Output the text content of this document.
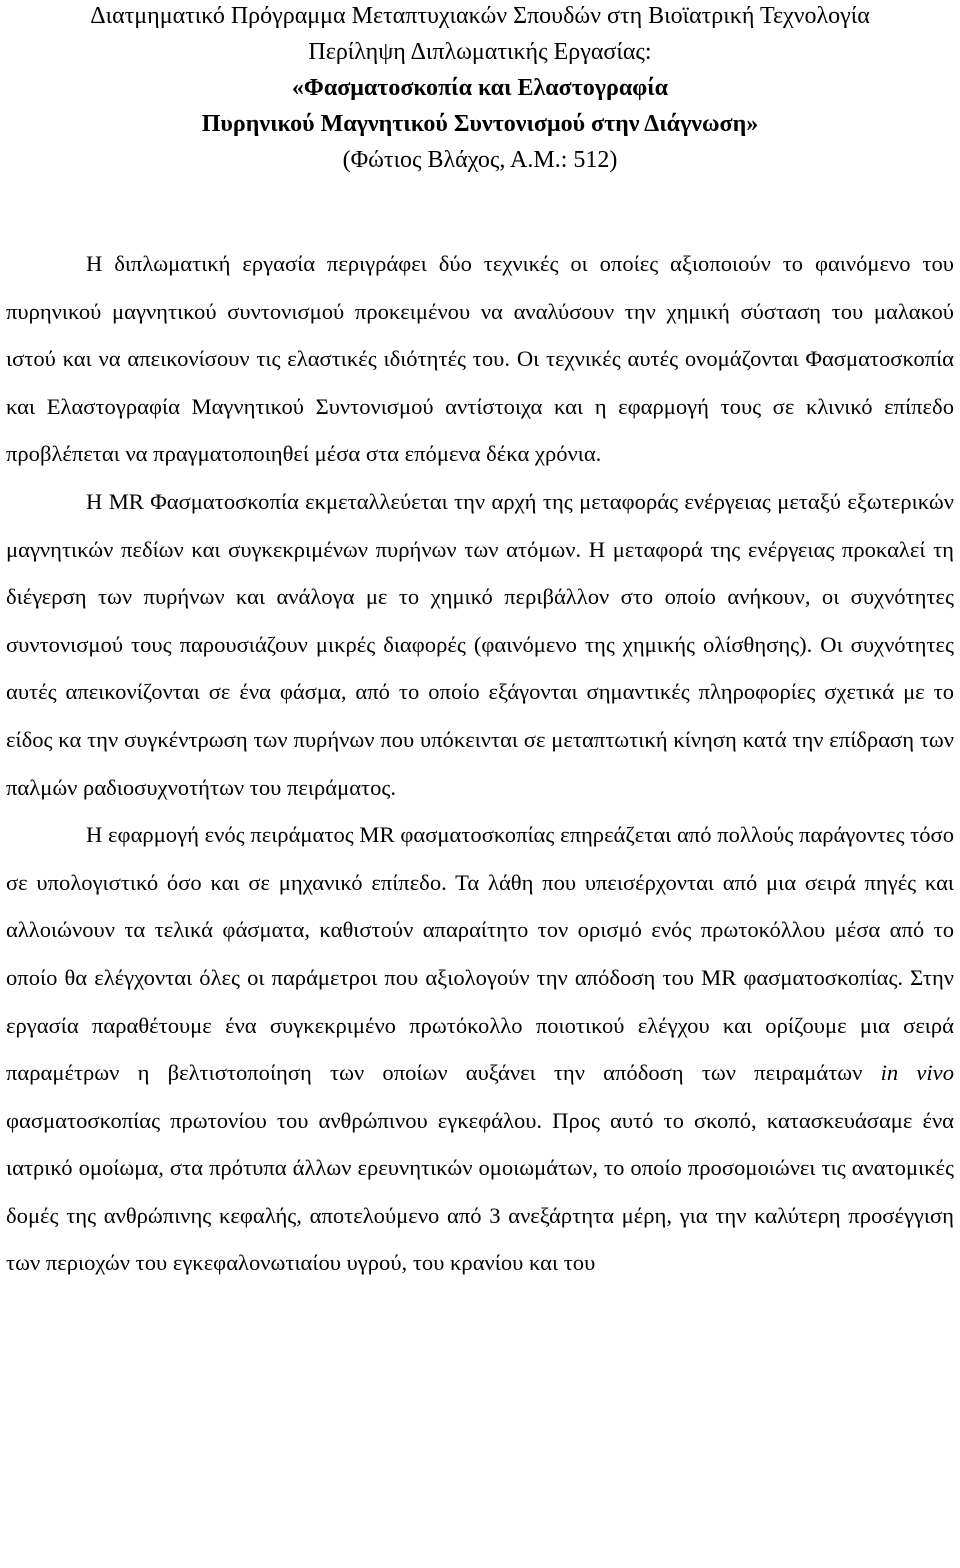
Διατμηματικό Πρόγραμμα Μεταπτυχιακών Σπουδών στη Βιοϊατρική Τεχνολογία
Περίληψη Διπλωματικής Εργασίας:
«Φασματοσκοπία και Ελαστογραφία
Πυρηνικού Μαγνητικού Συντονισμού στην Διάγνωση»
(Φώτιος Βλάχος, Α.Μ.: 512)

Η διπλωματική εργασία περιγράφει δύο τεχνικές οι οποίες αξιοποιούν το φαινόμενο του πυρηνικού μαγνητικού συντονισμού προκειμένου να αναλύσουν την χημική σύσταση του μαλακού ιστού και να απεικονίσουν τις ελαστικές ιδιότητές του. Οι τεχνικές αυτές ονομάζονται Φασματοσκοπία και Ελαστογραφία Μαγνητικού Συντονισμού αντίστοιχα και η εφαρμογή τους σε κλινικό επίπεδο προβλέπεται να πραγματοποιηθεί μέσα στα επόμενα δέκα χρόνια.

Η MR Φασματοσκοπία εκμεταλλεύεται την αρχή της μεταφοράς ενέργειας μεταξύ εξωτερικών μαγνητικών πεδίων και συγκεκριμένων πυρήνων των ατόμων. Η μεταφορά της ενέργειας προκαλεί τη διέγερση των πυρήνων και ανάλογα με το χημικό περιβάλλον στο οποίο ανήκουν, οι συχνότητες συντονισμού τους παρουσιάζουν μικρές διαφορές (φαινόμενο της χημικής ολίσθησης). Οι συχνότητες αυτές απεικονίζονται σε ένα φάσμα, από το οποίο εξάγονται σημαντικές πληροφορίες σχετικά με το είδος κα την συγκέντρωση των πυρήνων που υπόκεινται σε μεταπτωτική κίνηση κατά την επίδραση των παλμών ραδιοσυχνοτήτων του πειράματος.

Η εφαρμογή ενός πειράματος MR φασματοσκοπίας επηρεάζεται από πολλούς παράγοντες τόσο σε υπολογιστικό όσο και σε μηχανικό επίπεδο. Τα λάθη που υπεισέρχονται από μια σειρά πηγές και αλλοιώνουν τα τελικά φάσματα, καθιστούν απαραίτητο τον ορισμό ενός πρωτοκόλλου μέσα από το οποίο θα ελέγχονται όλες οι παράμετροι που αξιολογούν την απόδοση του MR φασματοσκοπίας. Στην εργασία παραθέτουμε ένα συγκεκριμένο πρωτόκολλο ποιοτικού ελέγχου και ορίζουμε μια σειρά παραμέτρων η βελτιστοποίηση των οποίων αυξάνει την απόδοση των πειραμάτων in vivo φασματοσκοπίας πρωτονίου του ανθρώπινου εγκεφάλου. Προς αυτό το σκοπό, κατασκευάσαμε ένα ιατρικό ομοίωμα, στα πρότυπα άλλων ερευνητικών ομοιωμάτων, το οποίο προσομοιώνει τις ανατομικές δομές της ανθρώπινης κεφαλής, αποτελούμενο από 3 ανεξάρτητα μέρη, για την καλύτερη προσέγγιση των περιοχών του εγκεφαλονωτιαίου υγρού, του κρανίου και του
